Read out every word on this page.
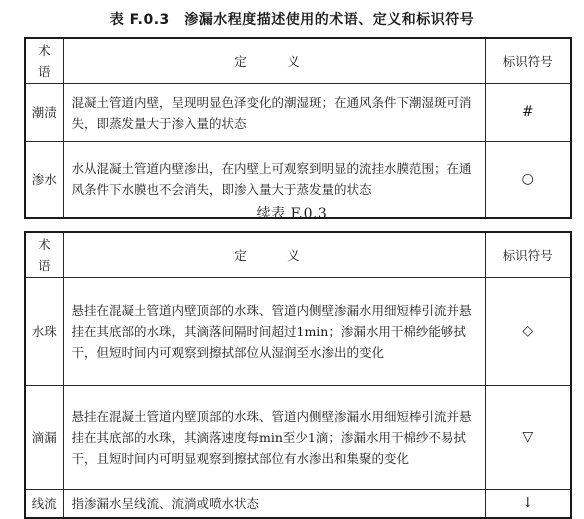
表 F.0.3　渗漏水程度描述使用的术语、定义和标识符号
术语	定　义	标识符号
潮渍	混凝土管道内壁，呈现明显色泽变化的潮湿斑；在通风条件下潮湿斑可消失，即蒸发量大于渗入量的状态	#
渗水	水从混凝土管道内壁渗出，在内壁上可观察到明显的流挂水膜范围；在通风条件下水膜也不会消失，即渗入量大于蒸发量的状态	○
续表 F.0.3
术语	定　义	标识符号
水珠	悬挂在混凝土管道内壁顶部的水珠、管道内侧壁渗漏水用细短棒引流并悬挂在其底部的水珠，其滴落间隔时间超过1min；渗漏水用干棉纱能够拭干，但短时间内可观察到擦拭部位从湿润至水渗出的变化	◇
滴漏	悬挂在混凝土管道内壁顶部的水珠、管道内侧壁渗漏水用细短棒引流并悬挂在其底部的水珠，其滴落速度每min至少1滴；渗漏水用干棉纱不易拭干，且短时间内可明显观察到擦拭部位有水渗出和集聚的变化	▽
线流	指渗漏水呈线流、流淌或喷水状态	↓
